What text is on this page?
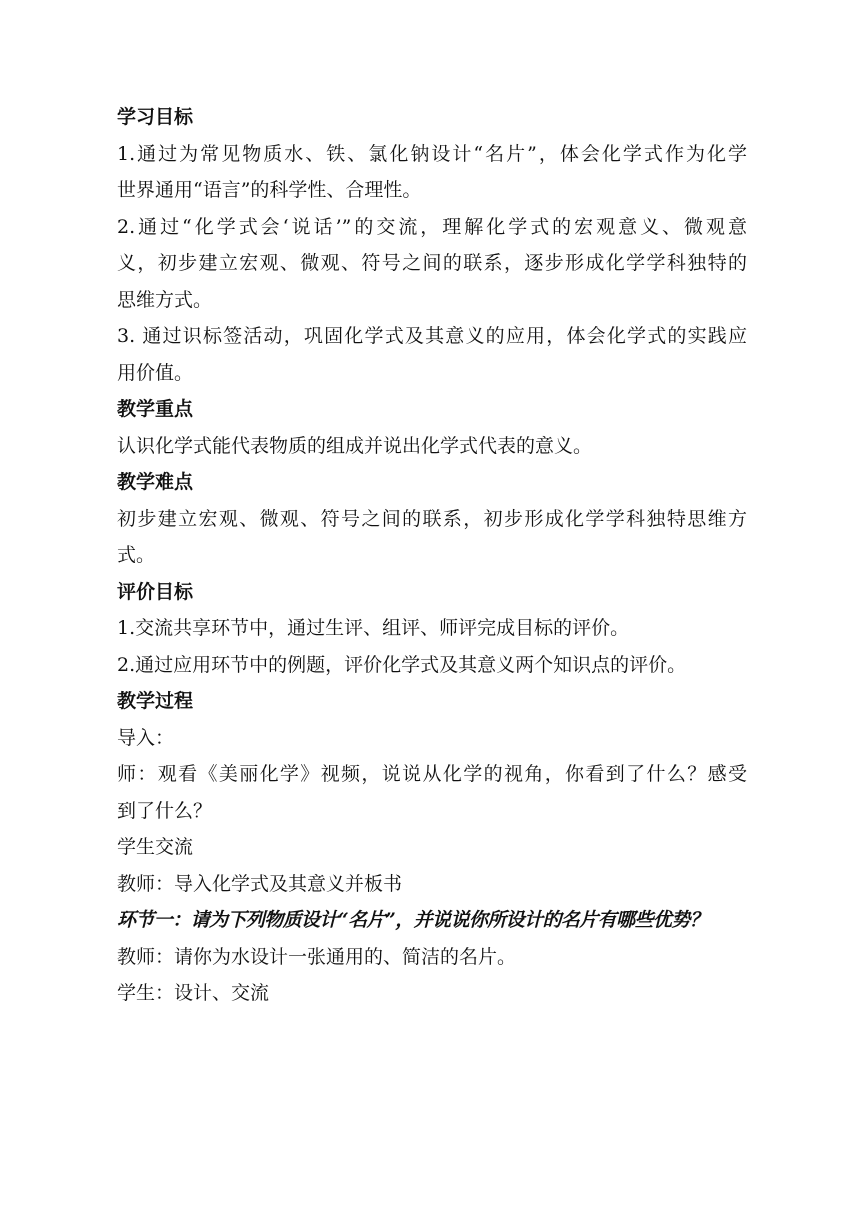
学习目标
1.通过为常见物质水、铁、氯化钠设计“名片”，体会化学式作为化学
世界通用“语言”的科学性、合理性。
2.通过“化学式会‘说话’”的交流，理解化学式的宏观意义、微观意
义，初步建立宏观、微观、符号之间的联系，逐步形成化学学科独特的
思维方式。
3. 通过识标签活动，巩固化学式及其意义的应用，体会化学式的实践应
用价值。
教学重点
认识化学式能代表物质的组成并说出化学式代表的意义。
教学难点
初步建立宏观、微观、符号之间的联系，初步形成化学学科独特思维方
式。
评价目标
1.交流共享环节中，通过生评、组评、师评完成目标的评价。
2.通过应用环节中的例题，评价化学式及其意义两个知识点的评价。
教学过程
导入：
师：观看《美丽化学》视频，说说从化学的视角，你看到了什么？感受
到了什么？
学生交流
教师：导入化学式及其意义并板书
环节一：请为下列物质设计“名片”，并说说你所设计的名片有哪些优势？
教师：请你为水设计一张通用的、简洁的名片。
学生：设计、交流
